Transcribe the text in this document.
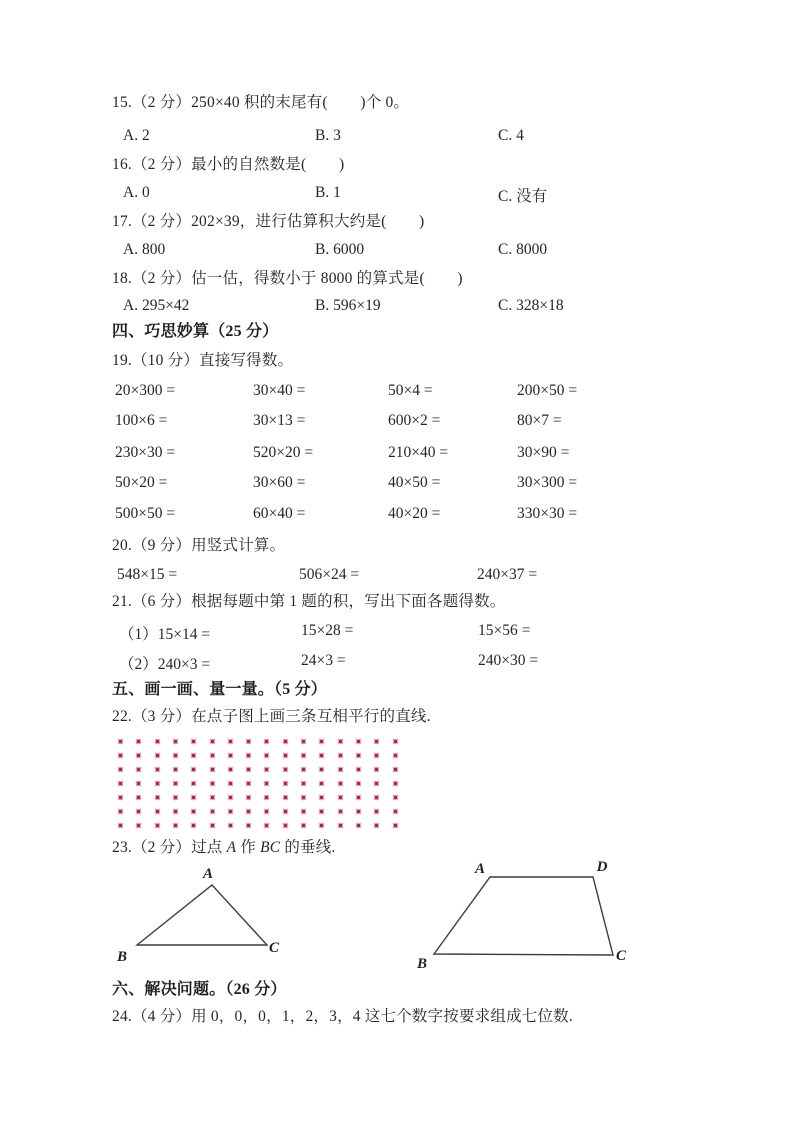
15.（2 分）250×40 积的末尾有(        )个 0。
A. 2	B. 3	C. 4
16.（2 分）最小的自然数是(        )
A. 0	B. 1	C. 没有
17.（2 分）202×39，进行估算积大约是(        )
A. 800	B. 6000	C. 8000
18.（2 分）估一估，得数小于 8000 的算式是(        )
A. 295×42	B. 596×19	C. 328×18
四、巧思妙算（25 分）
19.（10 分）直接写得数。
20×300 =	30×40 =	50×4 =	200×50 =
100×6 =	30×13 =	600×2 =	80×7 =
230×30 =	520×20 =	210×40 =	30×90 =
50×20 =	30×60 =	40×50 =	30×300 =
500×50 =	60×40 =	40×20 =	330×30 =
20.（9 分）用竖式计算。
548×15 =	506×24 =	240×37 =
21.（6 分）根据每题中第 1 题的积，写出下面各题得数。
（1）15×14 =	15×28 =	15×56 =
（2）240×3 =	24×3 =	240×30 =
五、画一画、量一量。（5 分）
22.（3 分）在点子图上画三条互相平行的直线.
23.（2 分）过点 A 作 BC 的垂线.
A
B
C
A	D
B	C
六、解决问题。（26 分）
24.（4 分）用 0，0，0，1，2，3，4 这七个数字按要求组成七位数.
